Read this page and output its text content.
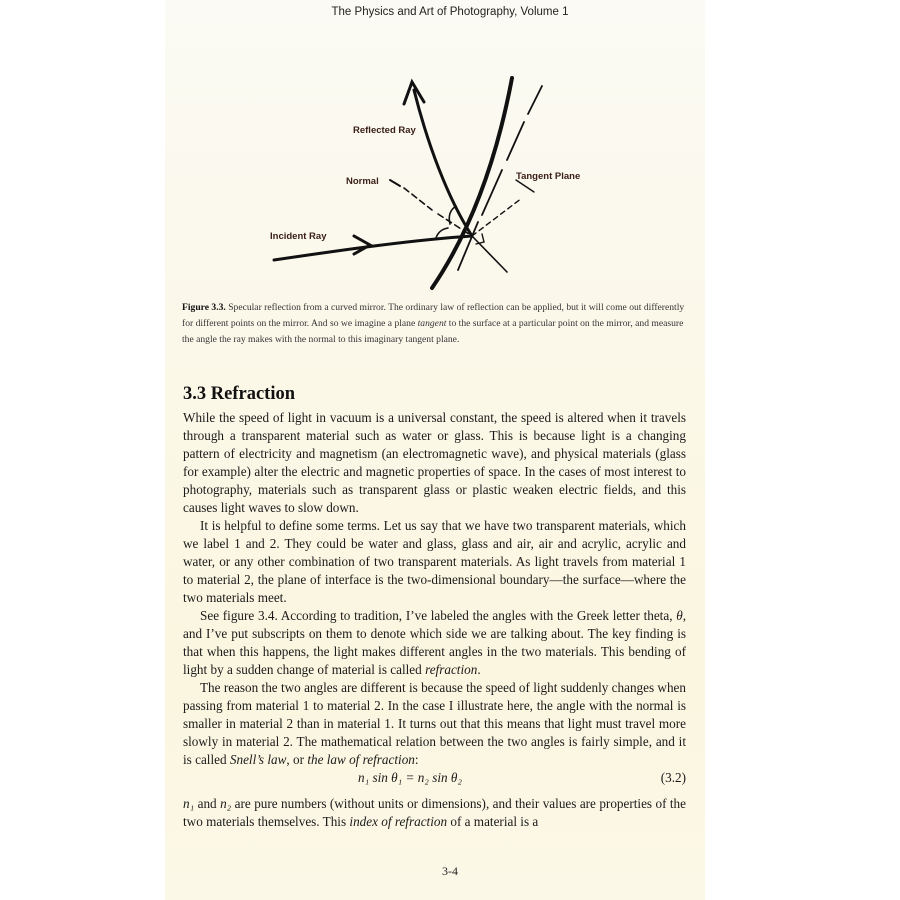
The Physics and Art of Photography, Volume 1
Reflected Ray
Normal	Tangent Plane
Incident Ray
Figure 3.3. Specular reflection from a curved mirror. The ordinary law of reflection can be applied, but it will come out differently for different points on the mirror. And so we imagine a plane tangent to the surface at a particular point on the mirror, and measure the angle the ray makes with the normal to this imaginary tangent plane.
3.3 Refraction

While the speed of light in vacuum is a universal constant, the speed is altered when it travels through a transparent material such as water or glass. This is because light is a changing pattern of electricity and magnetism (an electromagnetic wave), and physical materials (glass for example) alter the electric and magnetic properties of space. In the cases of most interest to photography, materials such as transparent glass or plastic weaken electric fields, and this causes light waves to slow down.

It is helpful to define some terms. Let us say that we have two transparent materials, which we label 1 and 2. They could be water and glass, glass and air, air and acrylic, acrylic and water, or any other combination of two transparent materials. As light travels from material 1 to material 2, the plane of interface is the two-dimensional boundary—the surface—where the two materials meet.

See figure 3.4. According to tradition, I’ve labeled the angles with the Greek letter theta, θ, and I’ve put subscripts on them to denote which side we are talking about. The key finding is that when this happens, the light makes different angles in the two materials. This bending of light by a sudden change of material is called refraction.

The reason the two angles are different is because the speed of light suddenly changes when passing from material 1 to material 2. In the case I illustrate here, the angle with the normal is smaller in material 2 than in material 1. It turns out that this means that light must travel more slowly in material 2. The mathematical relation between the two angles is fairly simple, and it is called Snell’s law, or the law of refraction:

n₁ sin θ₁ = n₂ sin θ₂	(3.2)
n₁ and n₂ are pure numbers (without units or dimensions), and their values are properties of the two materials themselves. This index of refraction of a material is a
3-4
